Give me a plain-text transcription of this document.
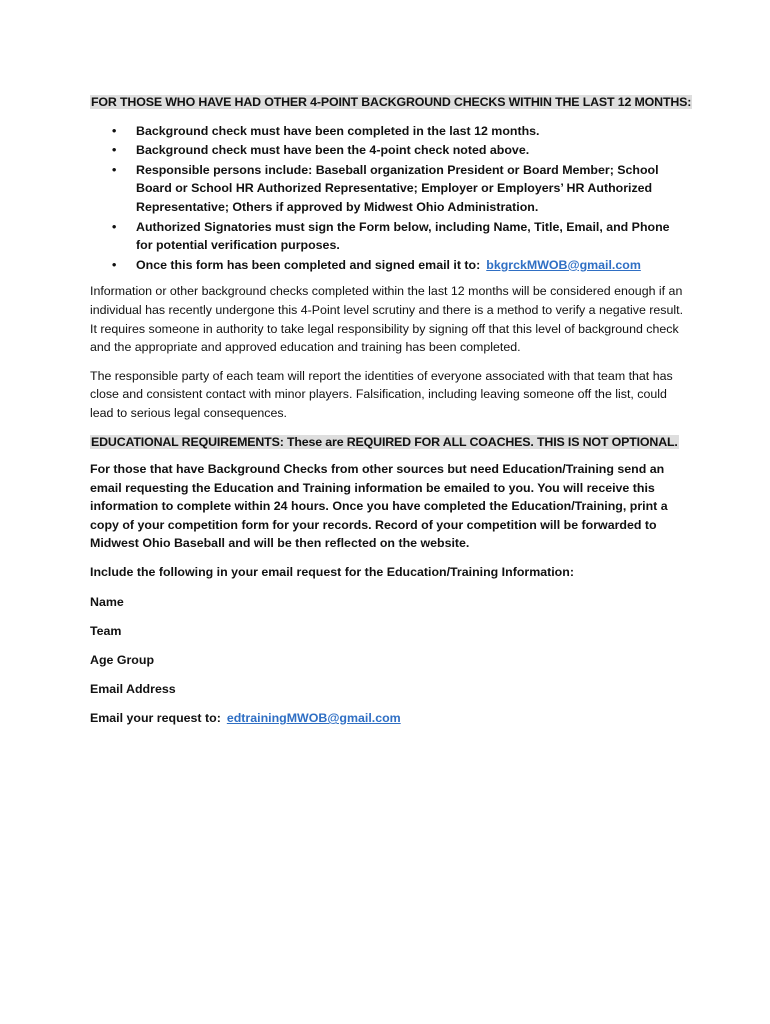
FOR THOSE WHO HAVE HAD OTHER 4-POINT BACKGROUND CHECKS WITHIN THE LAST 12 MONTHS:
• Background check must have been completed in the last 12 months.
• Background check must have been the 4-point check noted above.
• Responsible persons include: Baseball organization President or Board Member; School Board or School HR Authorized Representative; Employer or Employers’ HR Authorized Representative; Others if approved by Midwest Ohio Administration.
• Authorized Signatories must sign the Form below, including Name, Title, Email, and Phone for potential verification purposes.
• Once this form has been completed and signed email it to: bkgrckMWOB@gmail.com

Information or other background checks completed within the last 12 months will be considered enough if an individual has recently undergone this 4-Point level scrutiny and there is a method to verify a negative result. It requires someone in authority to take legal responsibility by signing off that this level of background check and the appropriate and approved education and training has been completed.

The responsible party of each team will report the identities of everyone associated with that team that has close and consistent contact with minor players. Falsification, including leaving someone off the list, could lead to serious legal consequences.

EDUCATIONAL REQUIREMENTS: These are REQUIRED FOR ALL COACHES. THIS IS NOT OPTIONAL.

For those that have Background Checks from other sources but need Education/Training send an email requesting the Education and Training information be emailed to you. You will receive this information to complete within 24 hours. Once you have completed the Education/Training, print a copy of your competition form for your records. Record of your competition will be forwarded to Midwest Ohio Baseball and will be then reflected on the website.

Include the following in your email request for the Education/Training Information:

Name
Team
Age Group
Email Address
Email your request to: edtrainingMWOB@gmail.com
